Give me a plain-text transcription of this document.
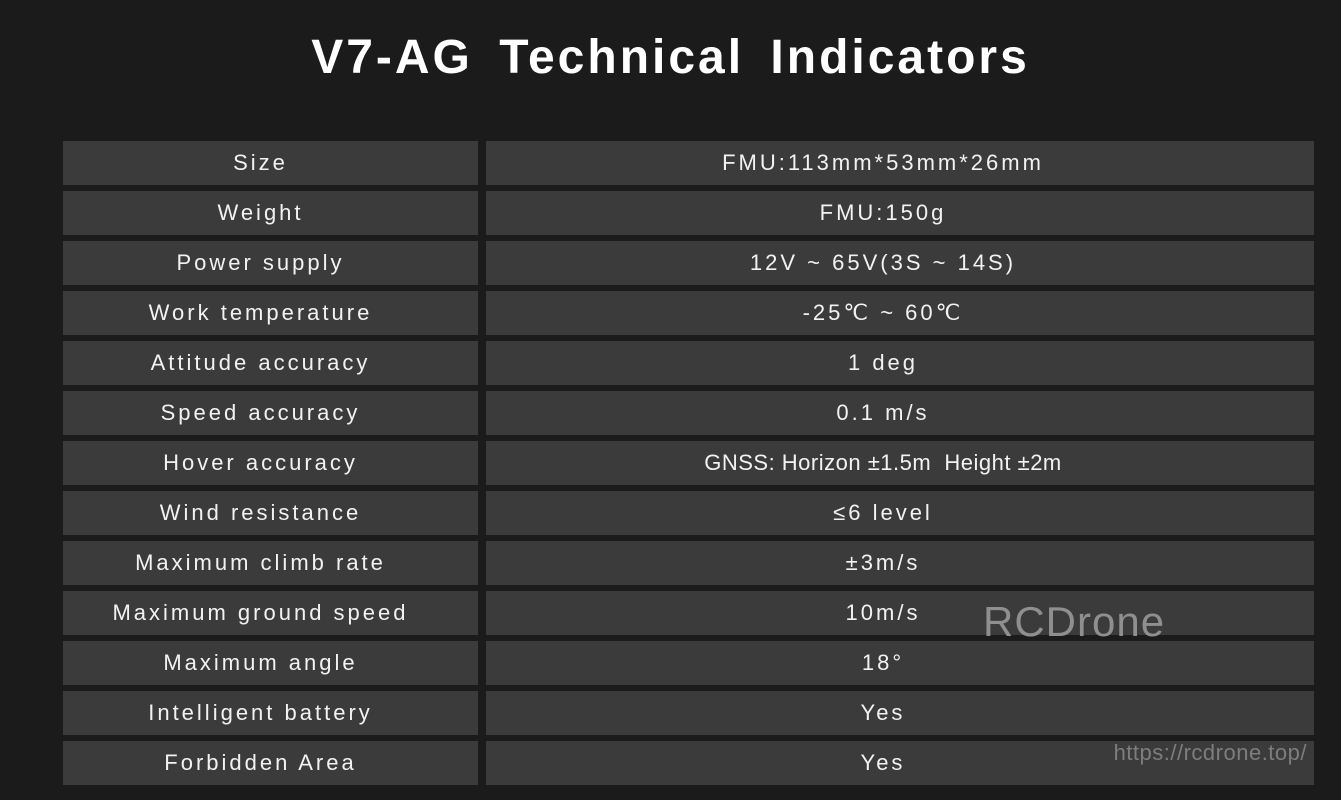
V7-AG Technical Indicators
Size	FMU:113mm*53mm*26mm
Weight	FMU:150g
Power supply	12V ~ 65V(3S ~ 14S)
Work temperature	-25℃ ~ 60℃
Attitude accuracy	1 deg
Speed accuracy	0.1 m/s
Hover accuracy	GNSS: Horizon ±1.5m  Height ±2m
Wind resistance	≤6 level
Maximum climb rate	±3m/s
Maximum ground speed	10m/s
Maximum angle	18°
Intelligent battery	Yes
Forbidden Area	Yes
RCDrone
https://rcdrone.top/
